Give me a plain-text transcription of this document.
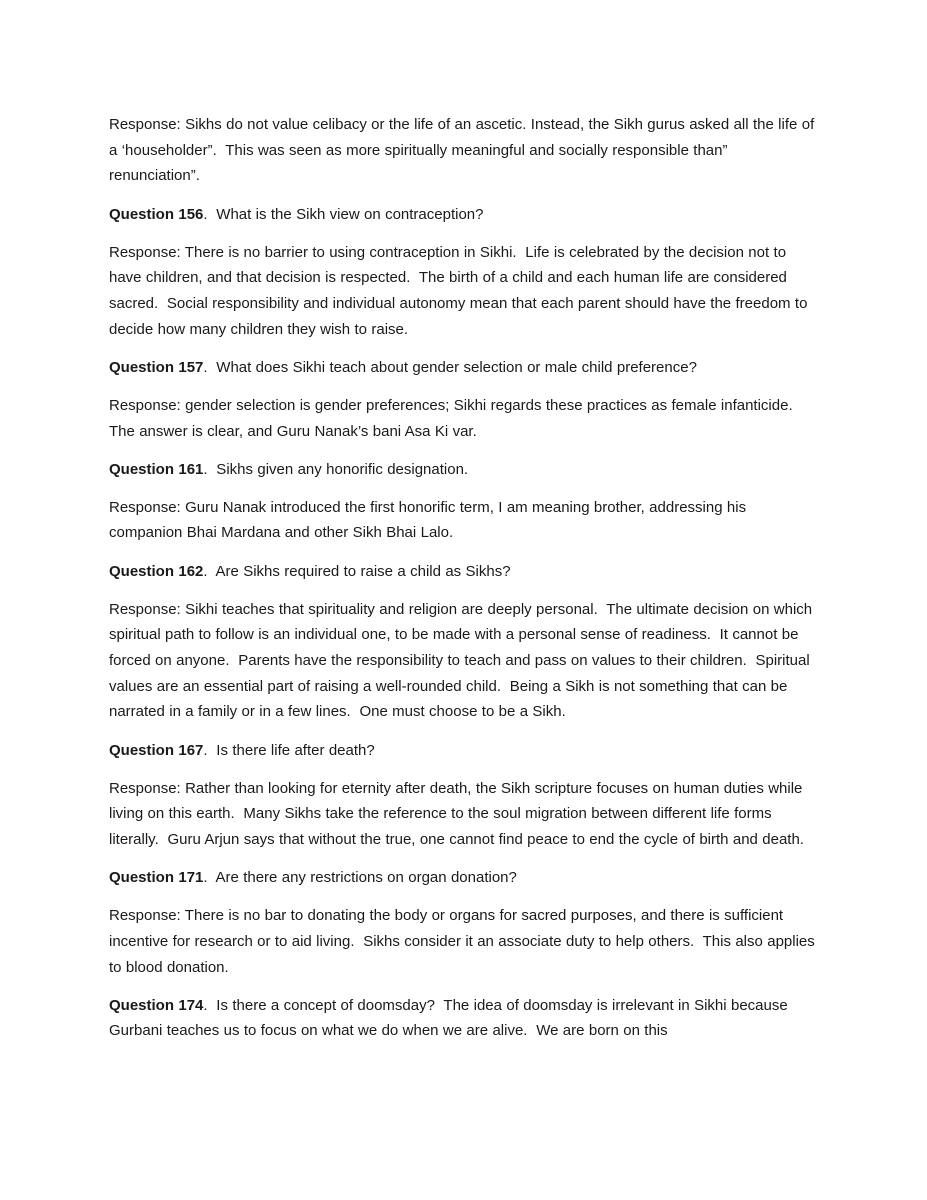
Response: Sikhs do not value celibacy or the life of an ascetic. Instead, the Sikh gurus asked all the life of a ‘householder”.  This was seen as more spiritually meaningful and socially responsible than” renunciation”.

Question 156.  What is the Sikh view on contraception?

Response: There is no barrier to using contraception in Sikhi.  Life is celebrated by the decision not to have children, and that decision is respected.  The birth of a child and each human life are considered sacred.  Social responsibility and individual autonomy mean that each parent should have the freedom to decide how many children they wish to raise.

Question 157.  What does Sikhi teach about gender selection or male child preference?

Response: gender selection is gender preferences; Sikhi regards these practices as female infanticide.  The answer is clear, and Guru Nanak’s bani Asa Ki var.

Question 161.  Sikhs given any honorific designation.

Response: Guru Nanak introduced the first honorific term, I am meaning brother, addressing his companion Bhai Mardana and other Sikh Bhai Lalo.

Question 162.  Are Sikhs required to raise a child as Sikhs?

Response: Sikhi teaches that spirituality and religion are deeply personal.  The ultimate decision on which spiritual path to follow is an individual one, to be made with a personal sense of readiness.  It cannot be forced on anyone.  Parents have the responsibility to teach and pass on values to their children.  Spiritual values are an essential part of raising a well-rounded child.  Being a Sikh is not something that can be narrated in a family or in a few lines.  One must choose to be a Sikh.

Question 167.  Is there life after death?

Response: Rather than looking for eternity after death, the Sikh scripture focuses on human duties while living on this earth.  Many Sikhs take the reference to the soul migration between different life forms literally.  Guru Arjun says that without the true, one cannot find peace to end the cycle of birth and death.

Question 171.  Are there any restrictions on organ donation?

Response: There is no bar to donating the body or organs for sacred purposes, and there is sufficient incentive for research or to aid living.  Sikhs consider it an associate duty to help others.  This also applies to blood donation.

Question 174.  Is there a concept of doomsday?  The idea of doomsday is irrelevant in Sikhi because Gurbani teaches us to focus on what we do when we are alive.  We are born on this
